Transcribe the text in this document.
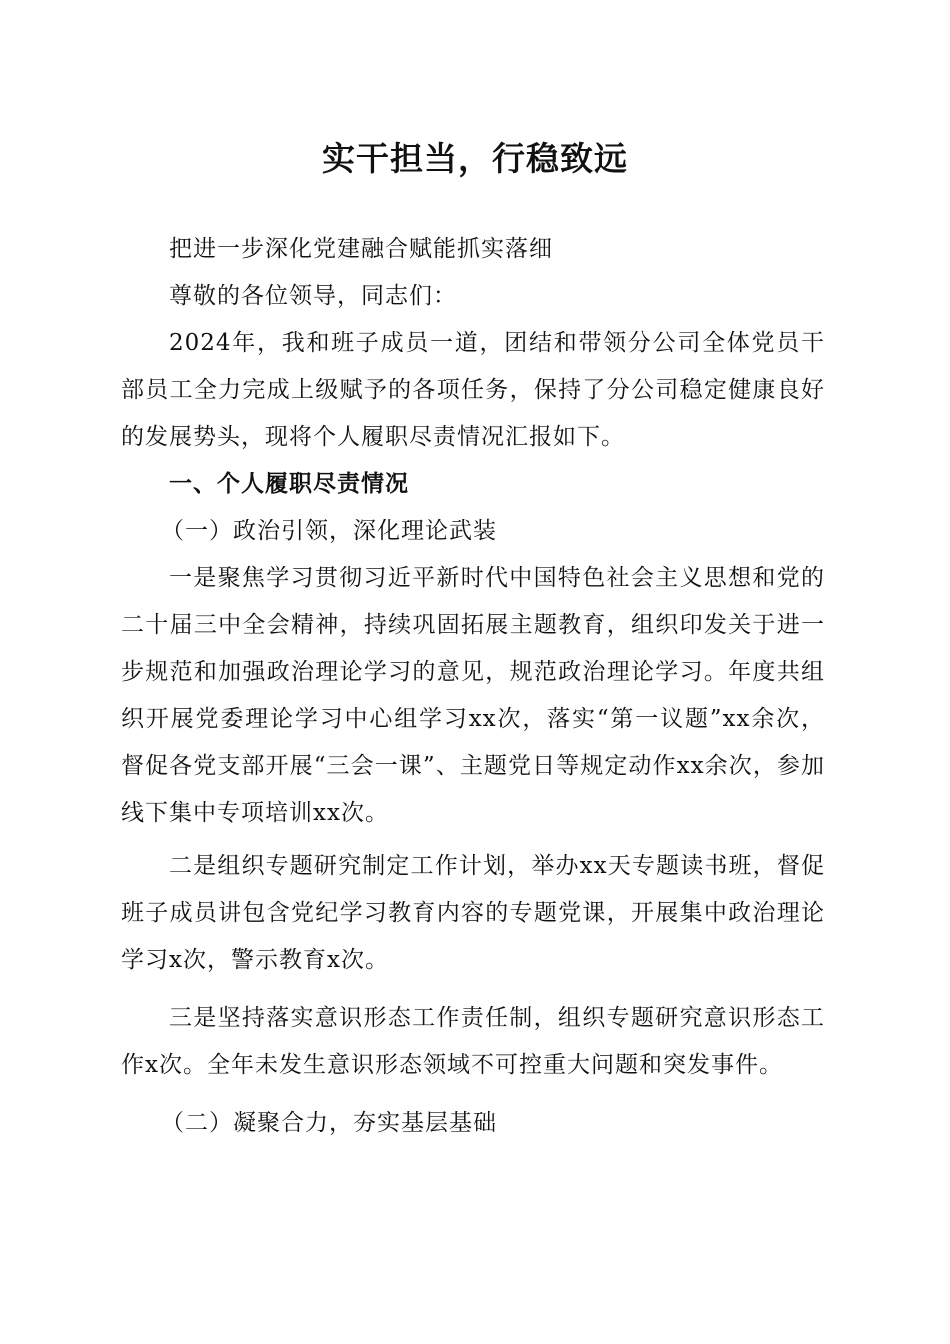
实干担当，行稳致远

把进一步深化党建融合赋能抓实落细

尊敬的各位领导，同志们：

2024年，我和班子成员一道，团结和带领分公司全体党员干部员工全力完成上级赋予的各项任务，保持了分公司稳定健康良好的发展势头，现将个人履职尽责情况汇报如下。

一、个人履职尽责情况

（一）政治引领，深化理论武装

一是聚焦学习贯彻习近平新时代中国特色社会主义思想和党的二十届三中全会精神，持续巩固拓展主题教育，组织印发关于进一步规范和加强政治理论学习的意见，规范政治理论学习。年度共组织开展党委理论学习中心组学习xx次，落实“第一议题”xx余次，督促各党支部开展“三会一课”、主题党日等规定动作xx余次，参加线下集中专项培训xx次。

二是组织专题研究制定工作计划，举办xx天专题读书班，督促班子成员讲包含党纪学习教育内容的专题党课，开展集中政治理论学习x次，警示教育x次。

三是坚持落实意识形态工作责任制，组织专题研究意识形态工作x次。全年未发生意识形态领域不可控重大问题和突发事件。

（二）凝聚合力，夯实基层基础
